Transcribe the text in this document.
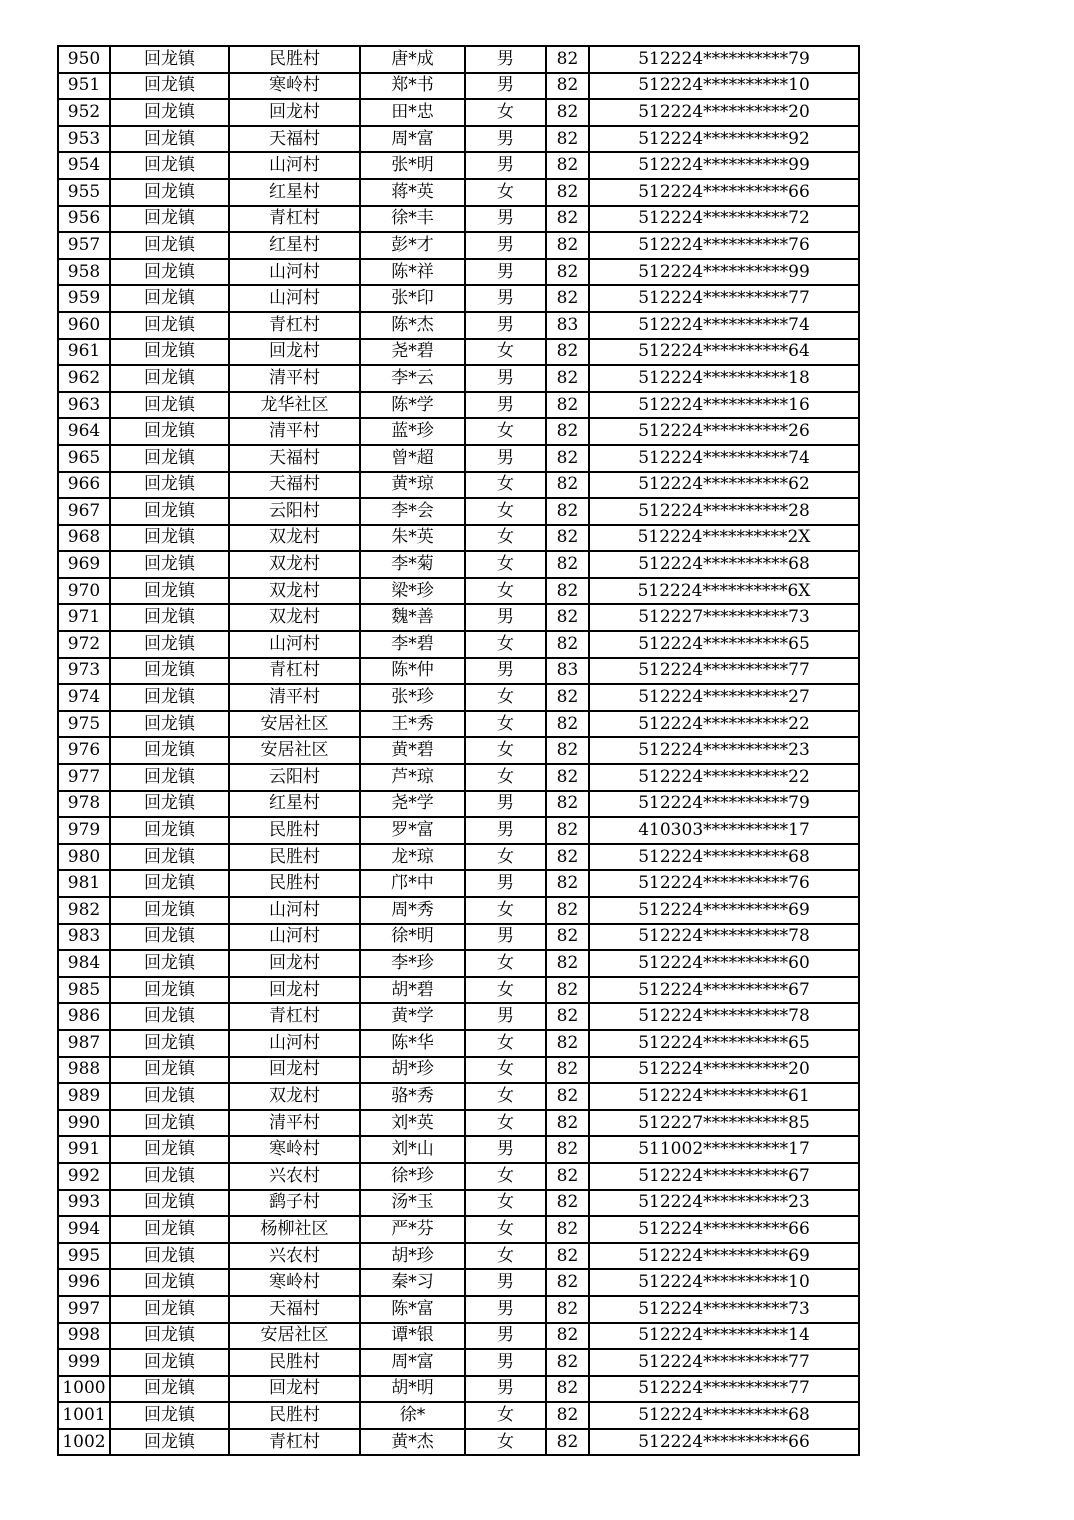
950	回龙镇	民胜村	唐*成	男	82	512224**********79
951	回龙镇	寒岭村	郑*书	男	82	512224**********10
952	回龙镇	回龙村	田*忠	女	82	512224**********20
953	回龙镇	天福村	周*富	男	82	512224**********92
954	回龙镇	山河村	张*明	男	82	512224**********99
955	回龙镇	红星村	蒋*英	女	82	512224**********66
956	回龙镇	青杠村	徐*丰	男	82	512224**********72
957	回龙镇	红星村	彭*才	男	82	512224**********76
958	回龙镇	山河村	陈*祥	男	82	512224**********99
959	回龙镇	山河村	张*印	男	82	512224**********77
960	回龙镇	青杠村	陈*杰	男	83	512224**********74
961	回龙镇	回龙村	尧*碧	女	82	512224**********64
962	回龙镇	清平村	李*云	男	82	512224**********18
963	回龙镇	龙华社区	陈*学	男	82	512224**********16
964	回龙镇	清平村	蓝*珍	女	82	512224**********26
965	回龙镇	天福村	曾*超	男	82	512224**********74
966	回龙镇	天福村	黄*琼	女	82	512224**********62
967	回龙镇	云阳村	李*会	女	82	512224**********28
968	回龙镇	双龙村	朱*英	女	82	512224**********2X
969	回龙镇	双龙村	李*菊	女	82	512224**********68
970	回龙镇	双龙村	梁*珍	女	82	512224**********6X
971	回龙镇	双龙村	魏*善	男	82	512227**********73
972	回龙镇	山河村	李*碧	女	82	512224**********65
973	回龙镇	青杠村	陈*仲	男	83	512224**********77
974	回龙镇	清平村	张*珍	女	82	512224**********27
975	回龙镇	安居社区	王*秀	女	82	512224**********22
976	回龙镇	安居社区	黄*碧	女	82	512224**********23
977	回龙镇	云阳村	芦*琼	女	82	512224**********22
978	回龙镇	红星村	尧*学	男	82	512224**********79
979	回龙镇	民胜村	罗*富	男	82	410303**********17
980	回龙镇	民胜村	龙*琼	女	82	512224**********68
981	回龙镇	民胜村	邝*中	男	82	512224**********76
982	回龙镇	山河村	周*秀	女	82	512224**********69
983	回龙镇	山河村	徐*明	男	82	512224**********78
984	回龙镇	回龙村	李*珍	女	82	512224**********60
985	回龙镇	回龙村	胡*碧	女	82	512224**********67
986	回龙镇	青杠村	黄*学	男	82	512224**********78
987	回龙镇	山河村	陈*华	女	82	512224**********65
988	回龙镇	回龙村	胡*珍	女	82	512224**********20
989	回龙镇	双龙村	骆*秀	女	82	512224**********61
990	回龙镇	清平村	刘*英	女	82	512227**********85
991	回龙镇	寒岭村	刘*山	男	82	511002**********17
992	回龙镇	兴农村	徐*珍	女	82	512224**********67
993	回龙镇	鹞子村	汤*玉	女	82	512224**********23
994	回龙镇	杨柳社区	严*芬	女	82	512224**********66
995	回龙镇	兴农村	胡*珍	女	82	512224**********69
996	回龙镇	寒岭村	秦*习	男	82	512224**********10
997	回龙镇	天福村	陈*富	男	82	512224**********73
998	回龙镇	安居社区	谭*银	男	82	512224**********14
999	回龙镇	民胜村	周*富	男	82	512224**********77
1000	回龙镇	回龙村	胡*明	男	82	512224**********77
1001	回龙镇	民胜村	徐*	女	82	512224**********68
1002	回龙镇	青杠村	黄*杰	女	82	512224**********66
